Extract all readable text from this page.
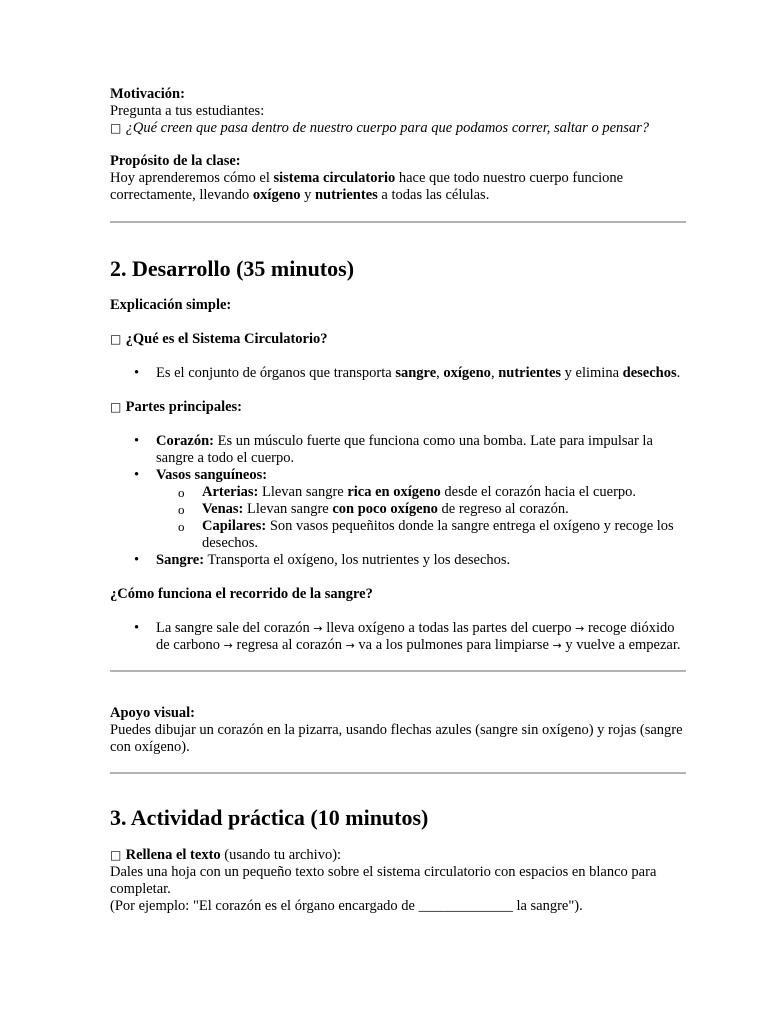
Motivación:

Pregunta a tus estudiantes:

□ ¿Qué creen que pasa dentro de nuestro cuerpo para que podamos correr, saltar o pensar?

Propósito de la clase:

Hoy aprenderemos cómo el sistema circulatorio hace que todo nuestro cuerpo funcione correctamente, llevando oxígeno y nutrientes a todas las células.

2. Desarrollo (35 minutos)

Explicación simple:

□ ¿Qué es el Sistema Circulatorio?

• Es el conjunto de órganos que transporta sangre, oxígeno, nutrientes y elimina desechos.

□ Partes principales:

• Corazón: Es un músculo fuerte que funciona como una bomba. Late para impulsar la sangre a todo el cuerpo.
• Vasos sanguíneos:
o Arterias: Llevan sangre rica en oxígeno desde el corazón hacia el cuerpo.
o Venas: Llevan sangre con poco oxígeno de regreso al corazón.
o Capilares: Son vasos pequeñitos donde la sangre entrega el oxígeno y recoge los desechos.
• Sangre: Transporta el oxígeno, los nutrientes y los desechos.

¿Cómo funciona el recorrido de la sangre?

• La sangre sale del corazón → lleva oxígeno a todas las partes del cuerpo → recoge dióxido de carbono → regresa al corazón → va a los pulmones para limpiarse → y vuelve a empezar.

Apoyo visual:

Puedes dibujar un corazón en la pizarra, usando flechas azules (sangre sin oxígeno) y rojas (sangre con oxígeno).

3. Actividad práctica (10 minutos)

□ Rellena el texto (usando tu archivo):

Dales una hoja con un pequeño texto sobre el sistema circulatorio con espacios en blanco para completar.

(Por ejemplo: "El corazón es el órgano encargado de _____________ la sangre").
